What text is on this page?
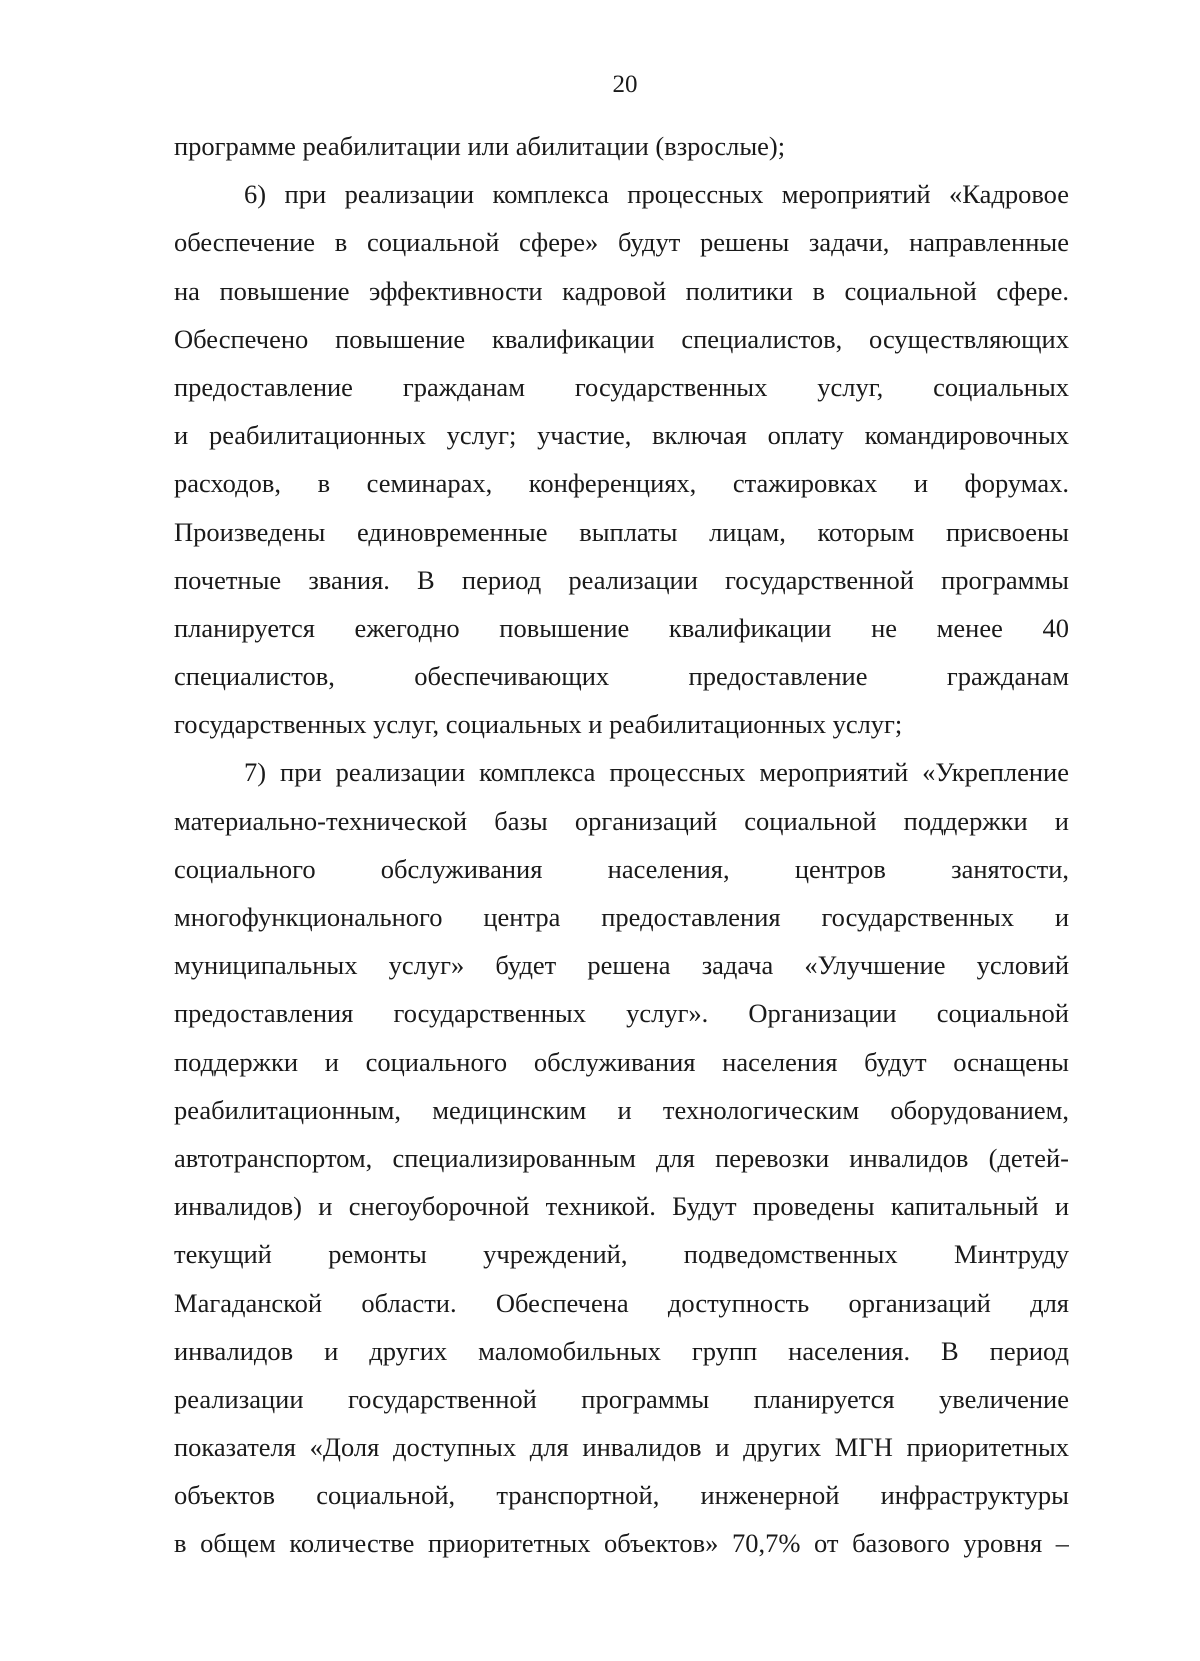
20
программе реабилитации или абилитации (взрослые);
6) при реализации комплекса процессных мероприятий «Кадровое
обеспечение в социальной сфере» будут решены задачи, направленные
на повышение эффективности кадровой политики в социальной сфере.
Обеспечено повышение квалификации специалистов, осуществляющих
предоставление гражданам государственных услуг, социальных
и реабилитационных услуг; участие, включая оплату командировочных
расходов, в семинарах, конференциях, стажировках и форумах.
Произведены единовременные выплаты лицам, которым присвоены
почетные звания. В период реализации государственной программы
планируется ежегодно повышение квалификации не менее 40
специалистов, обеспечивающих предоставление гражданам
государственных услуг, социальных и реабилитационных услуг;
7) при реализации комплекса процессных мероприятий «Укрепление
материально-технической базы организаций социальной поддержки и
социального обслуживания населения, центров занятости,
многофункционального центра предоставления государственных и
муниципальных услуг» будет решена задача «Улучшение условий
предоставления государственных услуг». Организации социальной
поддержки и социального обслуживания населения будут оснащены
реабилитационным, медицинским и технологическим оборудованием,
автотранспортом, специализированным для перевозки инвалидов (детей-
инвалидов) и снегоуборочной техникой. Будут проведены капитальный и
текущий ремонты учреждений, подведомственных Минтруду
Магаданской области. Обеспечена доступность организаций для
инвалидов и других маломобильных групп населения. В период
реализации государственной программы планируется увеличение
показателя «Доля доступных для инвалидов и других МГН приоритетных
объектов социальной, транспортной, инженерной инфраструктуры
в общем количестве приоритетных объектов» 70,7% от базового уровня –
